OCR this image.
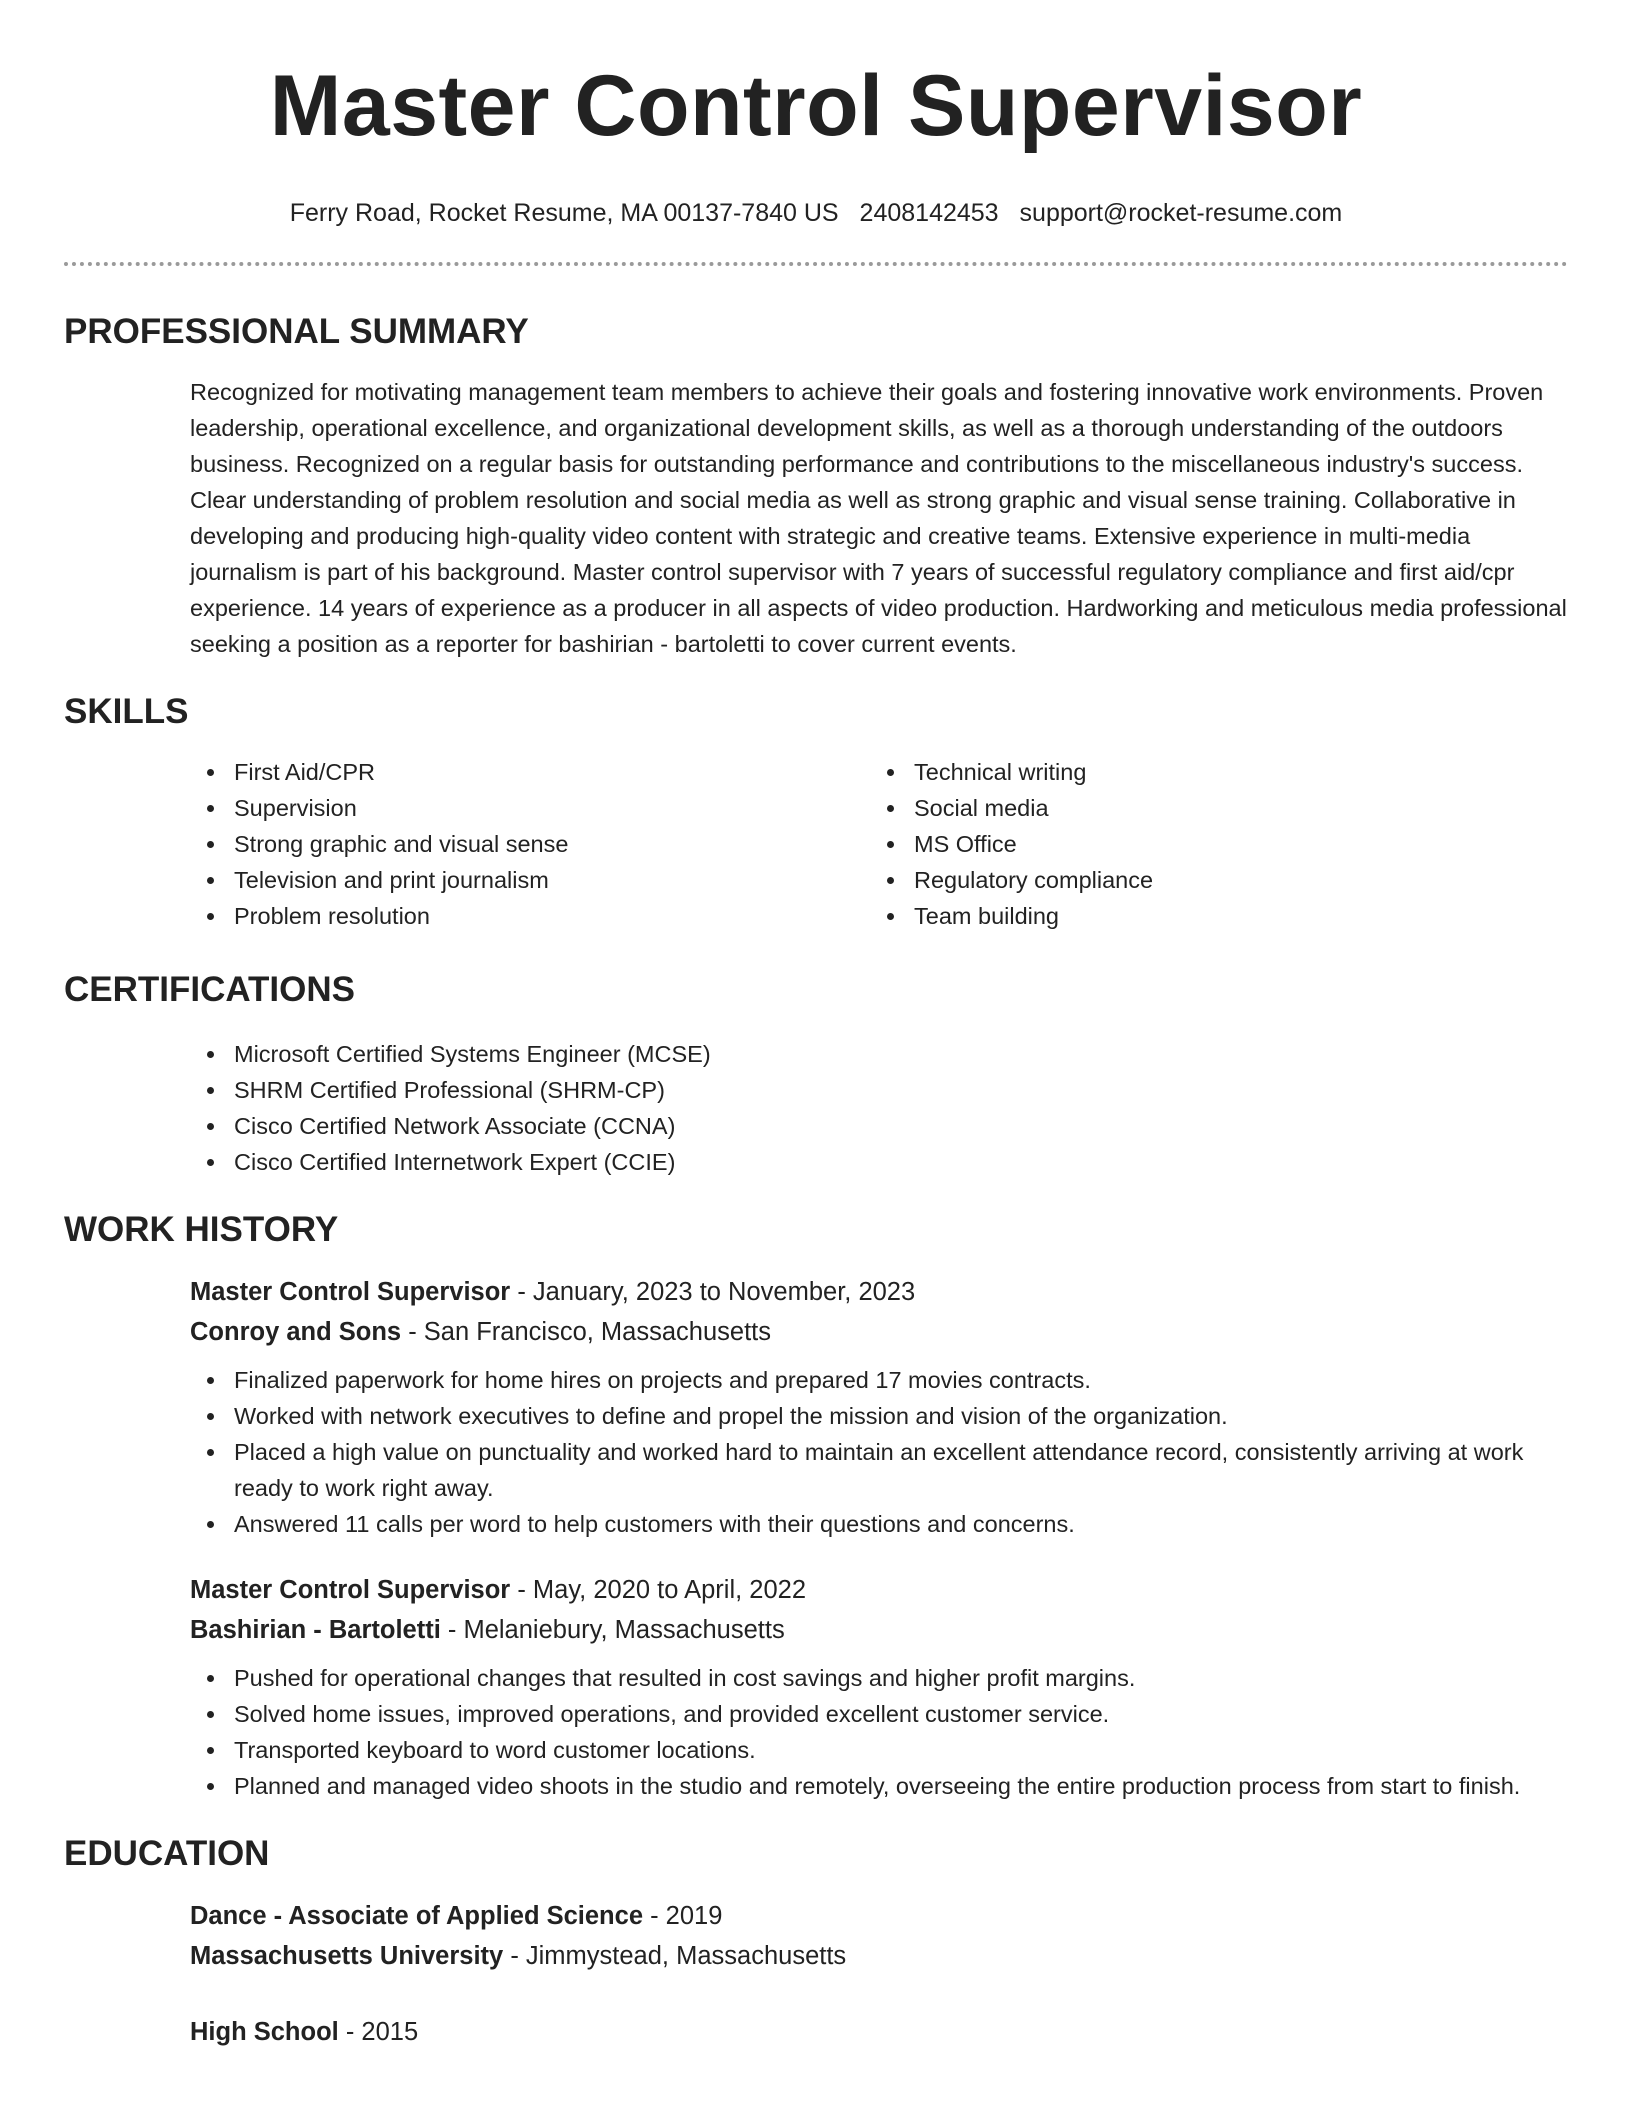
Master Control Supervisor
Ferry Road, Rocket Resume, MA 00137-7840 US 2408142453 support@rocket-resume.com
PROFESSIONAL SUMMARY
Recognized for motivating management team members to achieve their goals and fostering innovative work environments. Proven leadership, operational excellence, and organizational development skills, as well as a thorough understanding of the outdoors business. Recognized on a regular basis for outstanding performance and contributions to the miscellaneous industry's success. Clear understanding of problem resolution and social media as well as strong graphic and visual sense training. Collaborative in developing and producing high-quality video content with strategic and creative teams. Extensive experience in multi-media journalism is part of his background. Master control supervisor with 7 years of successful regulatory compliance and first aid/cpr experience. 14 years of experience as a producer in all aspects of video production. Hardworking and meticulous media professional seeking a position as a reporter for bashirian - bartoletti to cover current events.
SKILLS
First Aid/CPR
Supervision
Strong graphic and visual sense
Television and print journalism
Problem resolution
Technical writing
Social media
MS Office
Regulatory compliance
Team building
CERTIFICATIONS
Microsoft Certified Systems Engineer (MCSE)
SHRM Certified Professional (SHRM-CP)
Cisco Certified Network Associate (CCNA)
Cisco Certified Internetwork Expert (CCIE)
WORK HISTORY
Master Control Supervisor - January, 2023 to November, 2023
Conroy and Sons - San Francisco, Massachusetts
Finalized paperwork for home hires on projects and prepared 17 movies contracts.
Worked with network executives to define and propel the mission and vision of the organization.
Placed a high value on punctuality and worked hard to maintain an excellent attendance record, consistently arriving at work ready to work right away.
Answered 11 calls per word to help customers with their questions and concerns.
Master Control Supervisor - May, 2020 to April, 2022
Bashirian - Bartoletti - Melaniebury, Massachusetts
Pushed for operational changes that resulted in cost savings and higher profit margins.
Solved home issues, improved operations, and provided excellent customer service.
Transported keyboard to word customer locations.
Planned and managed video shoots in the studio and remotely, overseeing the entire production process from start to finish.
EDUCATION
Dance - Associate of Applied Science - 2019
Massachusetts University - Jimmystead, Massachusetts
High School - 2015
